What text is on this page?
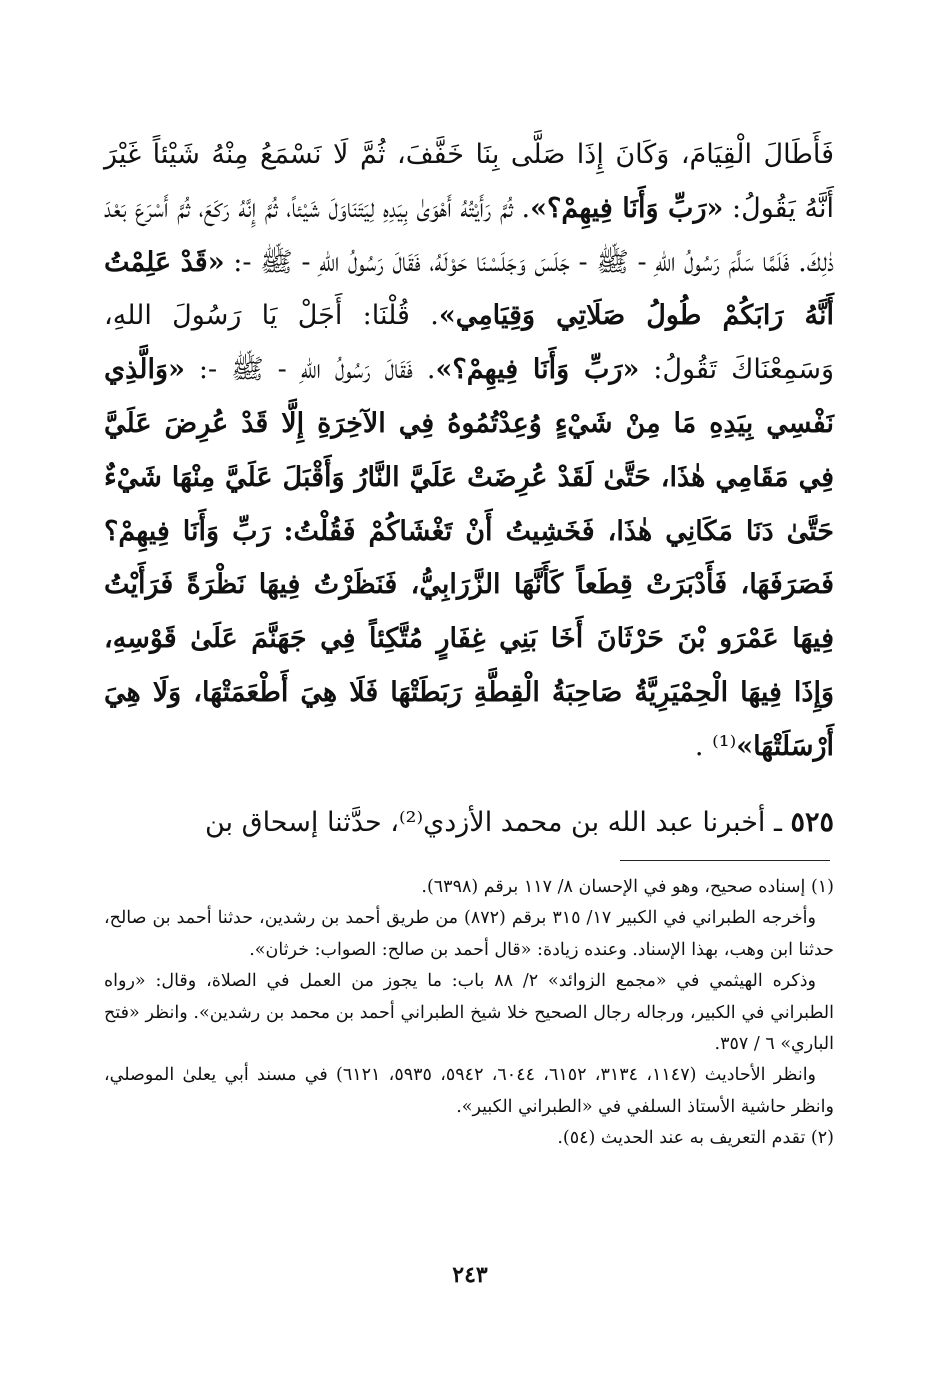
فَأَطَالَ الْقِيَامَ، وَكَانَ إِذَا صَلَّى بِنَا خَفَّفَ، ثُمَّ لَا نَسْمَعُ مِنْهُ شَيْئاً غَيْرَ أَنَّهُ يَقُولُ: «رَبِّ وَأَنَا فِيهِمْ؟». ثُمَّ رَأَيْتُهُ أَهْوَىٰ بِيَدِهِ لِيَتَنَاوَلَ شَيْئاً، ثُمَّ إِنَّهُ رَكَعَ، ثُمَّ أَسْرَعَ بَعْدَ ذٰلِكَ. فَلَمَّا سَلَّمَ رَسُولُ اللهِ - ﷺ - جَلَسَ وَجَلَسْنَا حَوْلَهُ، فَقَالَ رَسُولُ اللهِ - ﷺ -: «قَدْ عَلِمْتُ أَنَّهُ رَابَكُمْ طُولُ صَلَاتِي وَقِيَامِي». قُلْنَا: أَجَلْ يَا رَسُولَ اللهِ، وَسَمِعْنَاكَ تَقُولُ: «رَبِّ وَأَنَا فِيهِمْ؟». فَقَالَ رَسُولُ اللهِ - ﷺ -: «وَالَّذِي نَفْسِي بِيَدِهِ مَا مِنْ شَيْءٍ وُعِدْتُمُوهُ فِي الآخِرَةِ إِلَّا قَدْ عُرِضَ عَلَيَّ فِي مَقَامِي هٰذَا، حَتَّىٰ لَقَدْ عُرِضَتْ عَلَيَّ النَّارُ وَأَقْبَلَ عَلَيَّ مِنْهَا شَيْءٌ حَتَّىٰ دَنَا مَكَانِي هٰذَا، فَخَشِيتُ أَنْ تَغْشَاكُمْ فَقُلْتُ: رَبِّ وَأَنَا فِيهِمْ؟ فَصَرَفَهَا، فَأَدْبَرَتْ قِطَعاً كَأَنَّهَا الزَّرَابِيُّ، فَنَظَرْتُ فِيهَا نَظْرَةً فَرَأَيْتُ فِيهَا عَمْرَو بْنَ حَرْثَانَ أَخَا بَنِي غِفَارٍ مُتَّكِئاً فِي جَهَنَّمَ عَلَىٰ قَوْسِهِ، وَإِذَا فِيهَا الْحِمْيَرِيَّةُ صَاحِبَةُ الْقِطَّةِ رَبَطَتْهَا فَلَا هِيَ أَطْعَمَتْهَا، وَلَا هِيَ أَرْسَلَتْهَا»⁽¹⁾ .

٥٢٥ ـ أخبرنا عبد الله بن محمد الأزدي⁽²⁾، حدَّثنا إسحاق بن

(١) إسناده صحيح، وهو في الإحسان ٨/ ١١٧ برقم (٦٣٩٨).

وأخرجه الطبراني في الكبير ١٧/ ٣١٥ برقم (٨٧٢) من طريق أحمد بن رشدين، حدثنا أحمد بن صالح، حدثنا ابن وهب، بهذا الإسناد. وعنده زيادة: «قال أحمد بن صالح: الصواب: خرثان».

وذكره الهيثمي في «مجمع الزوائد» ٢/ ٨٨ باب: ما يجوز من العمل في الصلاة، وقال: «رواه الطبراني في الكبير، ورجاله رجال الصحيح خلا شيخ الطبراني أحمد بن محمد بن رشدين». وانظر «فتح الباري» ٦ / ٣٥٧.

وانظر الأحاديث (١١٤٧، ٣١٣٤، ٦١٥٢، ٦٠٤٤، ٥٩٤٢، ٥٩٣٥، ٦١٢١) في مسند أبي يعلىٰ الموصلي، وانظر حاشية الأستاذ السلفي في «الطبراني الكبير».

(٢) تقدم التعريف به عند الحديث (٥٤).

٢٤٣
